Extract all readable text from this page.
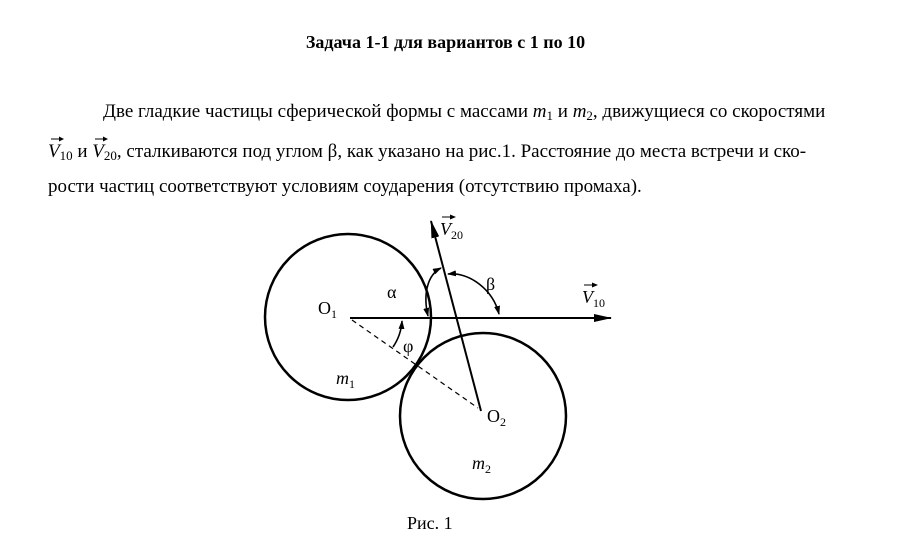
Задача 1-1 для вариантов с 1 по 10
Две гладкие частицы сферической формы с массами $m_1$ и $m_2$, движущиеся со скоростями
$V_{10}$ и
$V_{20}$, сталкиваются под углом β, как указано на рис.1. Расстояние до места встречи и ско-
рости частиц соответствуют условиям соударения (отсутствию промаха).
$O_1$
α	β
φ
$m_1$
$O_2$
$m_2$
$V_{10}$
$V_{20}$
Рис. 1
